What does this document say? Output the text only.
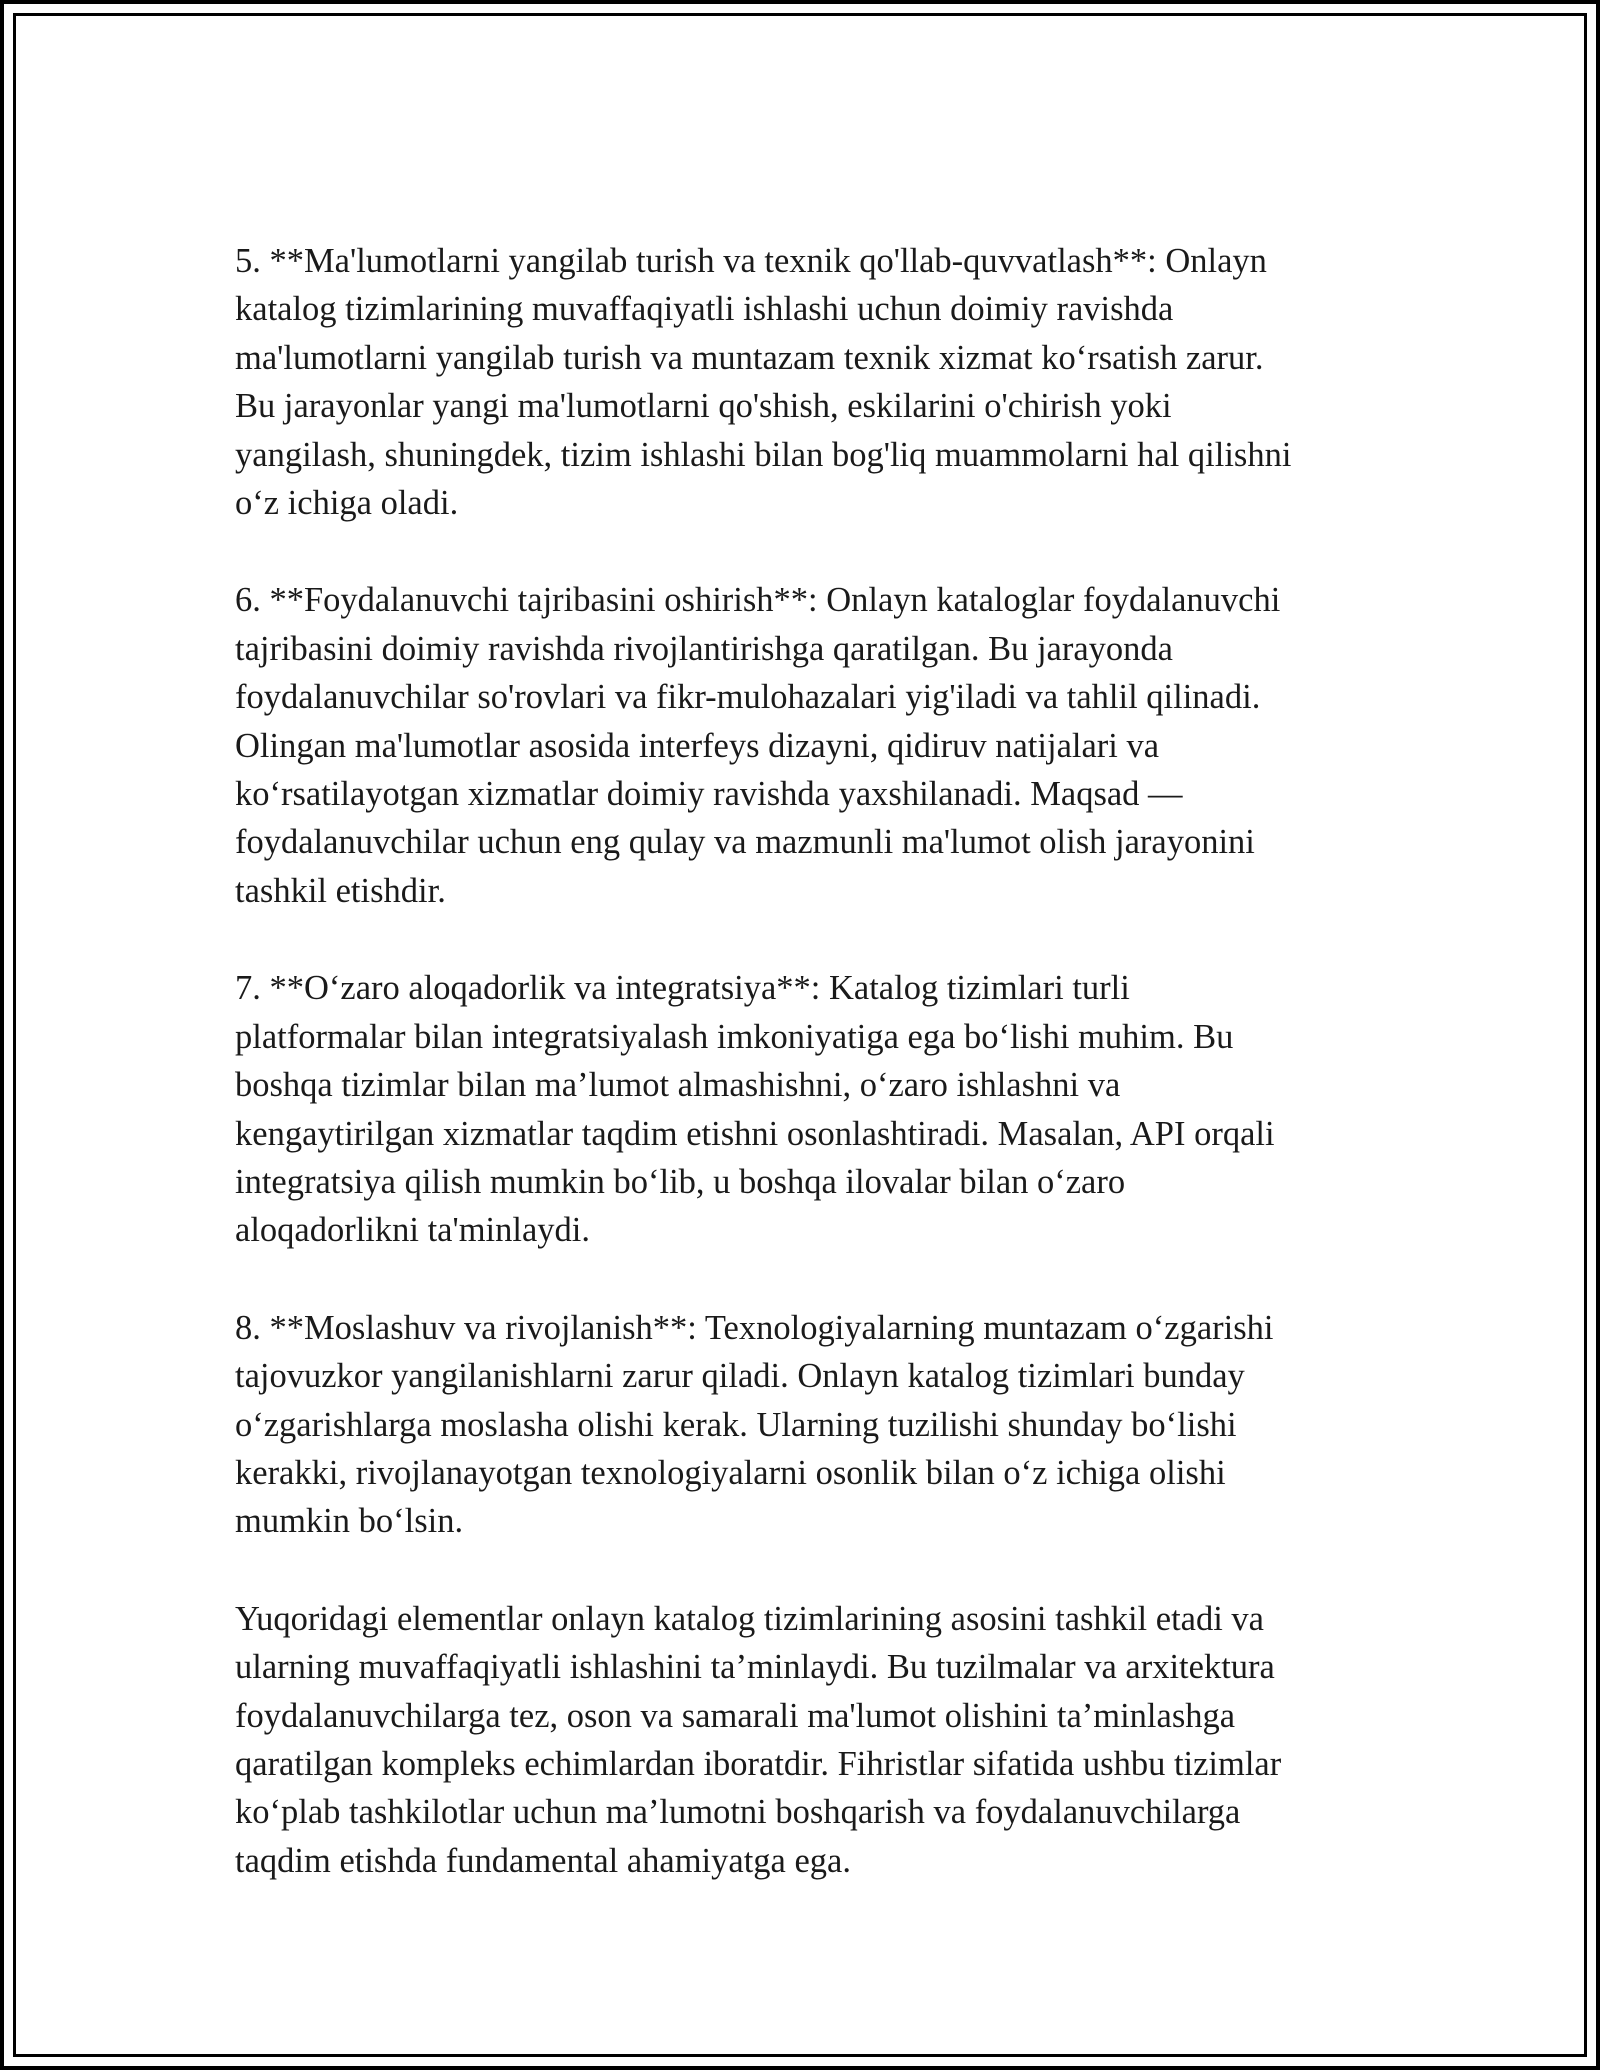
5. **Ma'lumotlarni yangilab turish va texnik qo'llab-quvvatlash**: Onlayn
katalog tizimlarining muvaffaqiyatli ishlashi uchun doimiy ravishda
ma'lumotlarni yangilab turish va muntazam texnik xizmat koʻrsatish zarur.
Bu jarayonlar yangi ma'lumotlarni qo'shish, eskilarini o'chirish yoki
yangilash, shuningdek, tizim ishlashi bilan bog'liq muammolarni hal qilishni
oʻz ichiga oladi.

6. **Foydalanuvchi tajribasini oshirish**: Onlayn kataloglar foydalanuvchi
tajribasini doimiy ravishda rivojlantirishga qaratilgan. Bu jarayonda
foydalanuvchilar so'rovlari va fikr-mulohazalari yig'iladi va tahlil qilinadi.
Olingan ma'lumotlar asosida interfeys dizayni, qidiruv natijalari va
koʻrsatilayotgan xizmatlar doimiy ravishda yaxshilanadi. Maqsad —
foydalanuvchilar uchun eng qulay va mazmunli ma'lumot olish jarayonini
tashkil etishdir.

7. **Oʻzaro aloqadorlik va integratsiya**: Katalog tizimlari turli
platformalar bilan integratsiyalash imkoniyatiga ega boʻlishi muhim. Bu
boshqa tizimlar bilan ma’lumot almashishni, oʻzaro ishlashni va
kengaytirilgan xizmatlar taqdim etishni osonlashtiradi. Masalan, API orqali
integratsiya qilish mumkin boʻlib, u boshqa ilovalar bilan oʻzaro
aloqadorlikni ta'minlaydi.

8. **Moslashuv va rivojlanish**: Texnologiyalarning muntazam oʻzgarishi
tajovuzkor yangilanishlarni zarur qiladi. Onlayn katalog tizimlari bunday
oʻzgarishlarga moslasha olishi kerak. Ularning tuzilishi shunday boʻlishi
kerakki, rivojlanayotgan texnologiyalarni osonlik bilan oʻz ichiga olishi
mumkin boʻlsin.

Yuqoridagi elementlar onlayn katalog tizimlarining asosini tashkil etadi va
ularning muvaffaqiyatli ishlashini ta’minlaydi. Bu tuzilmalar va arxitektura
foydalanuvchilarga tez, oson va samarali ma'lumot olishini ta’minlashga
qaratilgan kompleks echimlardan iboratdir. Fihristlar sifatida ushbu tizimlar
koʻplab tashkilotlar uchun ma’lumotni boshqarish va foydalanuvchilarga
taqdim etishda fundamental ahamiyatga ega.
